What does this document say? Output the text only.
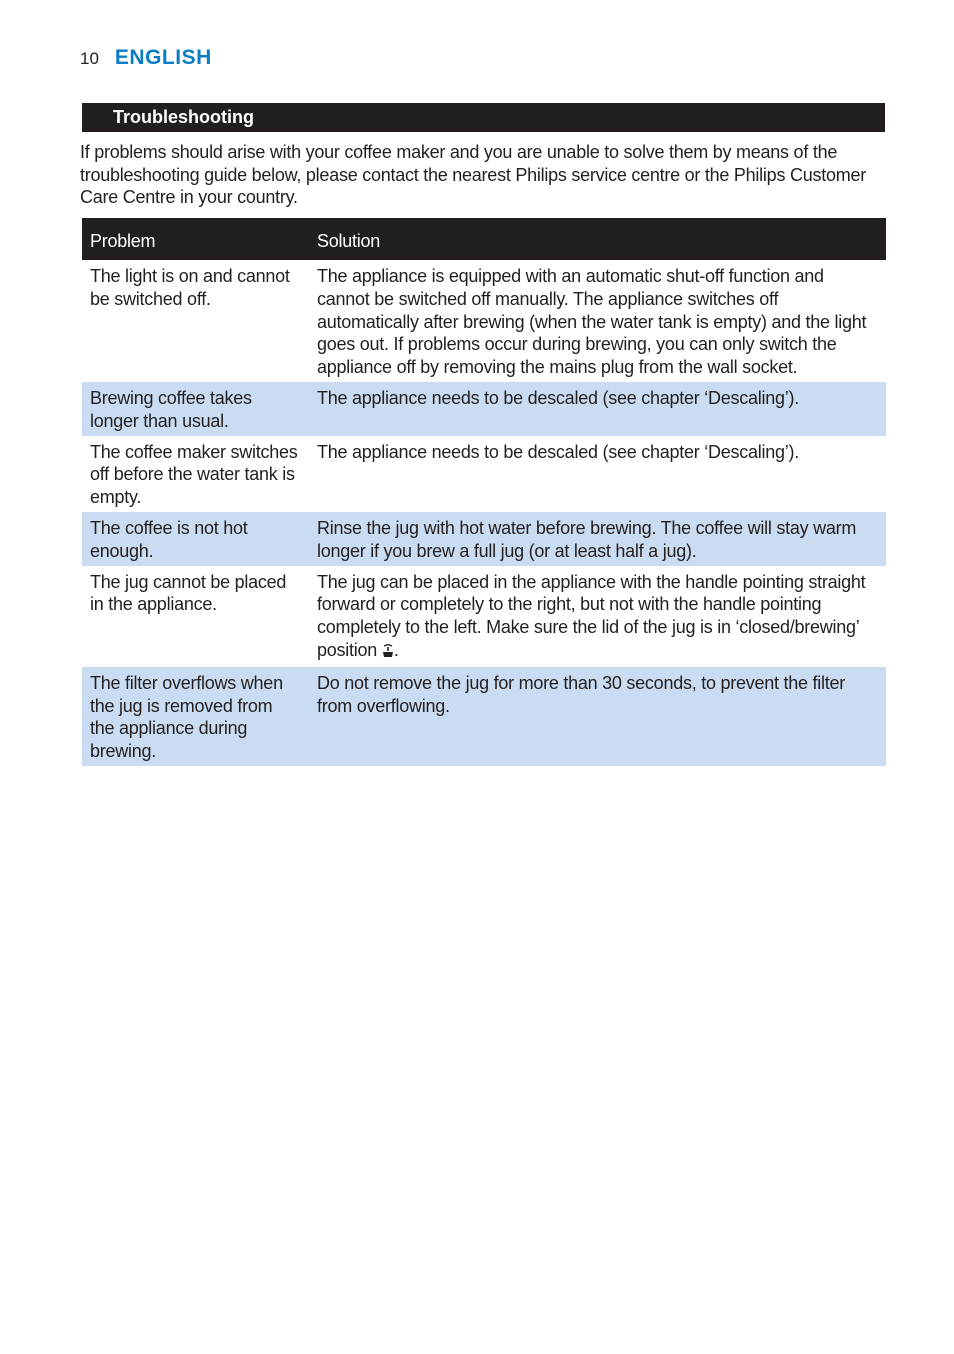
10 ENGLISH
Troubleshooting

If problems should arise with your coffee maker and you are unable to solve them by means of the troubleshooting guide below, please contact the nearest Philips service centre or the Philips Customer Care Centre in your country.

Problem	Solution
The light is on and cannot be switched off.	The appliance is equipped with an automatic shut-off function and cannot be switched off manually. The appliance switches off automatically after brewing (when the water tank is empty) and the light goes out. If problems occur during brewing, you can only switch the appliance off by removing the mains plug from the wall socket.
Brewing coffee takes longer than usual.	The appliance needs to be descaled (see chapter ‘Descaling’).
The coffee maker switches off before the water tank is empty.	The appliance needs to be descaled (see chapter ‘Descaling’).
The coffee is not hot enough.	Rinse the jug with hot water before brewing. The coffee will stay warm longer if you brew a full jug (or at least half a jug).
The jug cannot be placed in the appliance.	The jug can be placed in the appliance with the handle pointing straight forward or completely to the right, but not with the handle pointing completely to the left. Make sure the lid of the jug is in ‘closed/brewing’ position .
The filter overflows when the jug is removed from the appliance during brewing.	Do not remove the jug for more than 30 seconds, to prevent the filter from overflowing.
